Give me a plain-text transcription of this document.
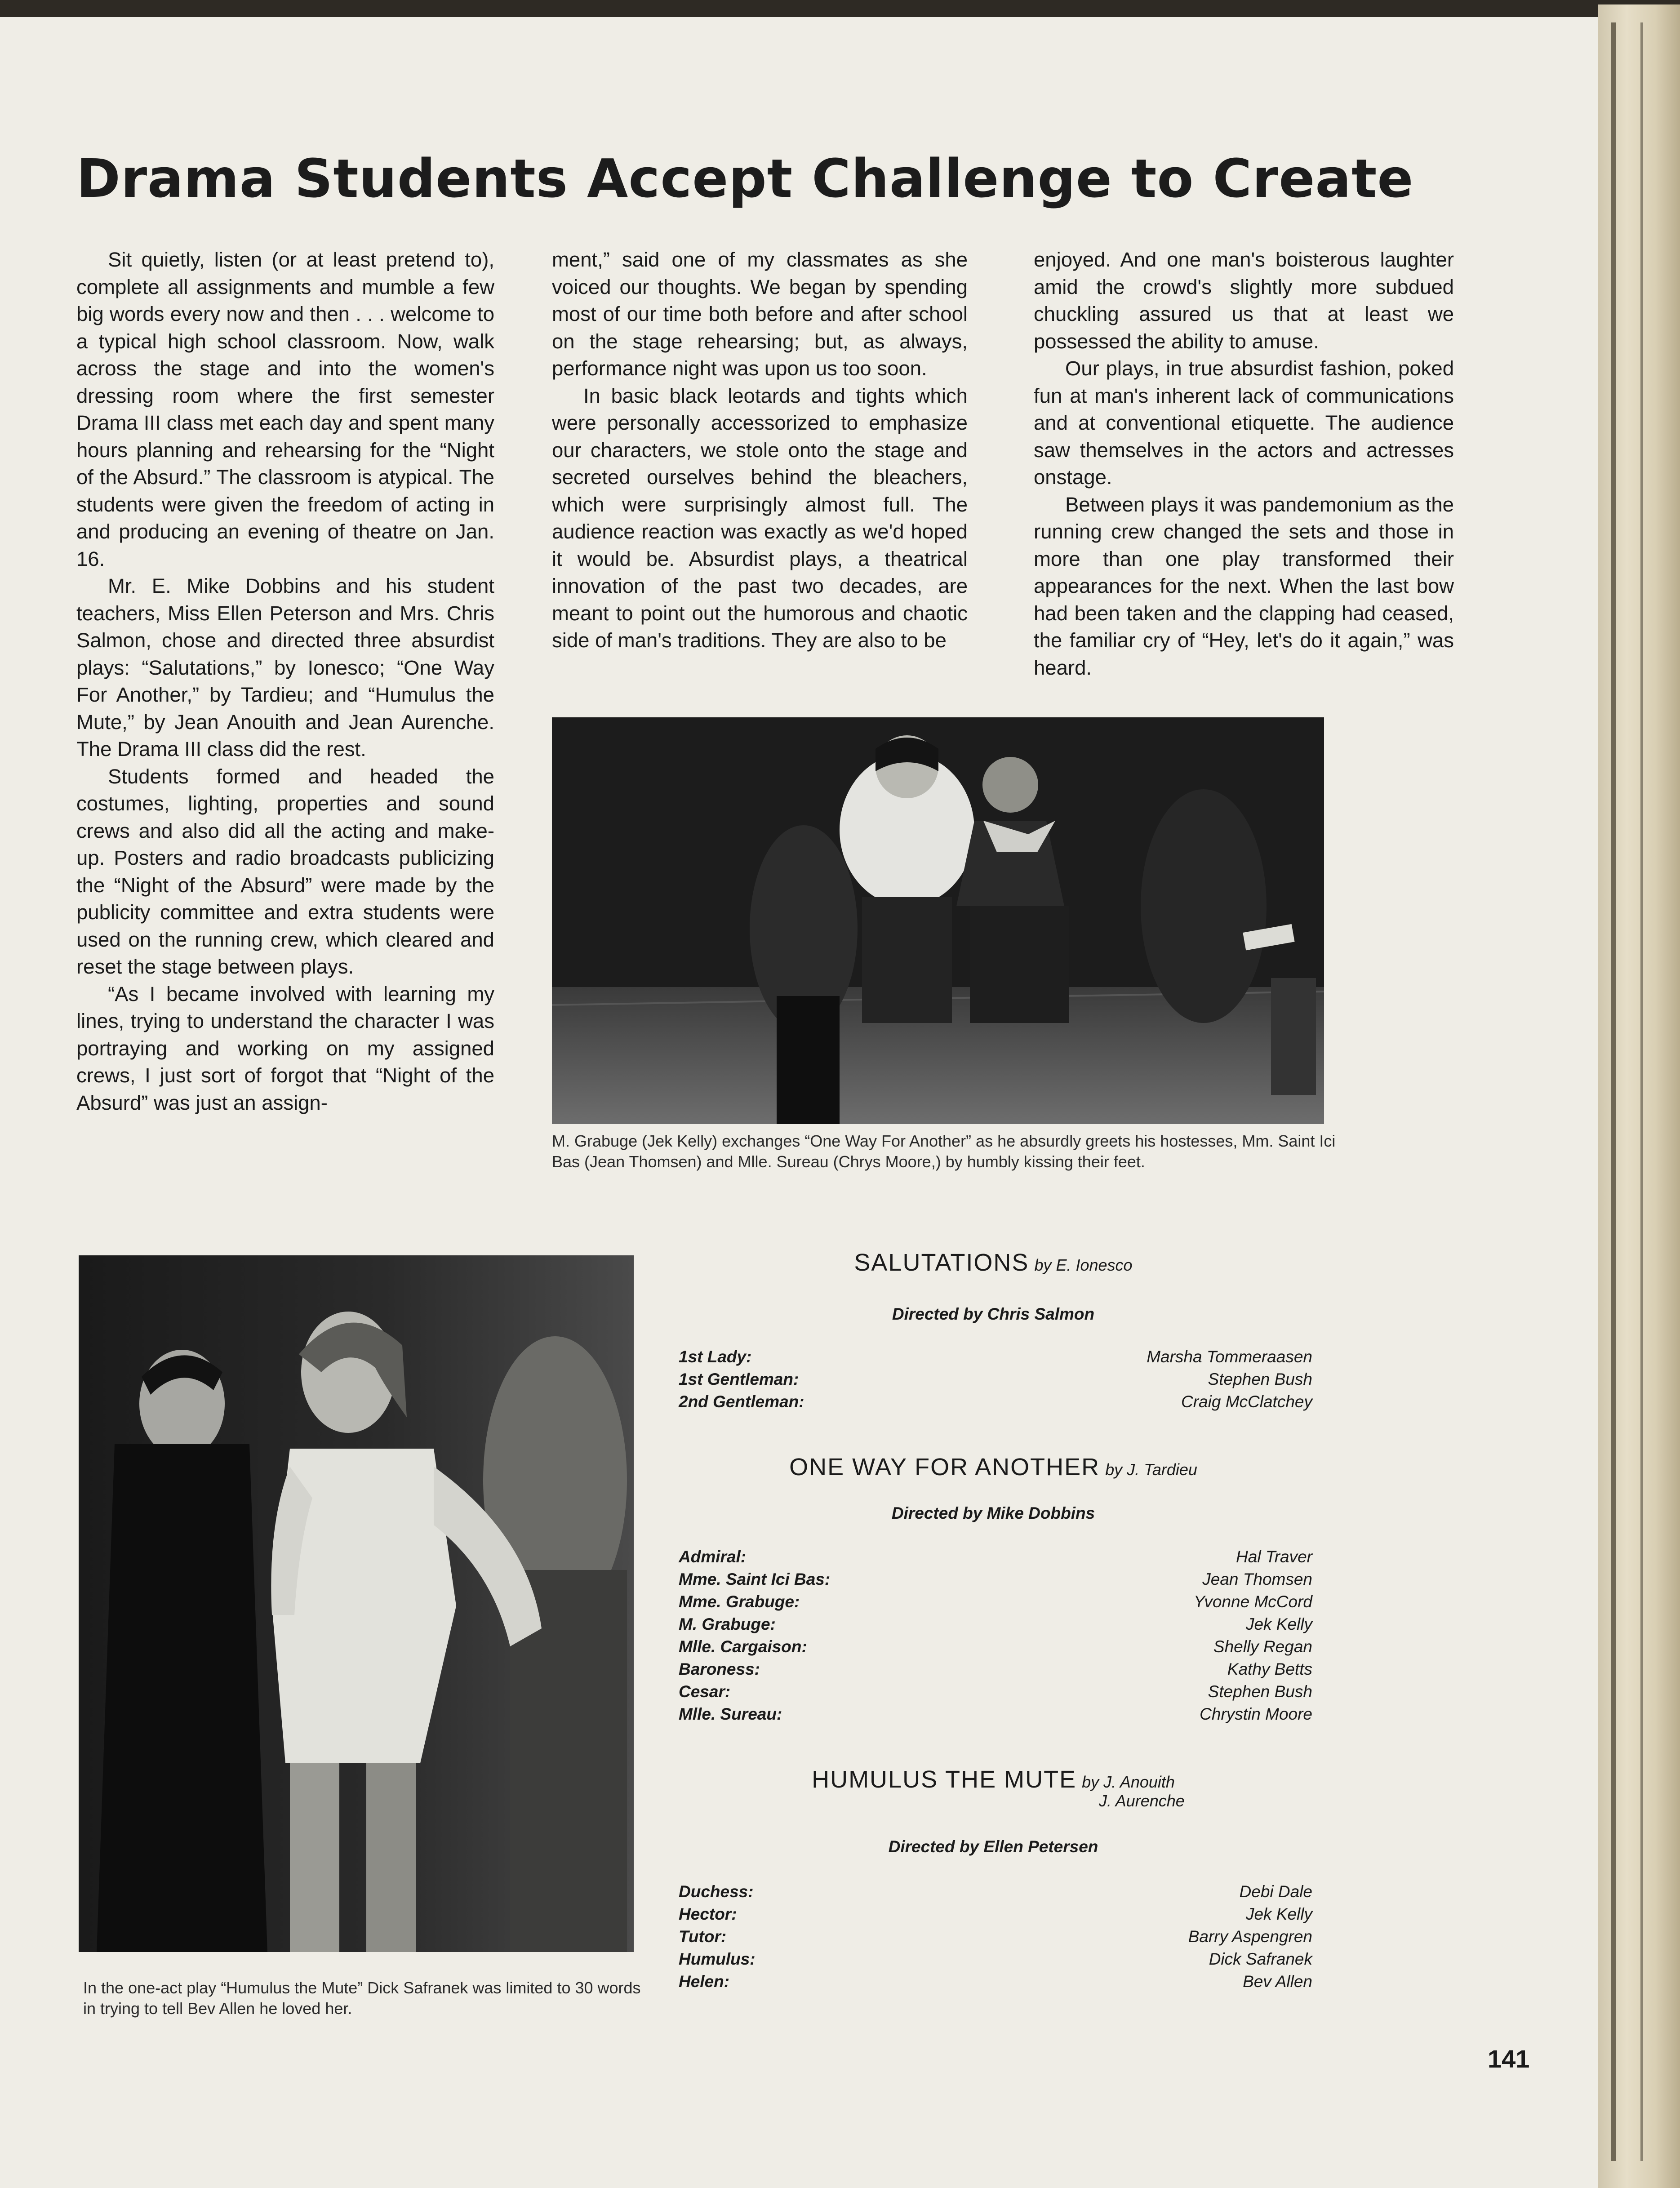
Drama Students Accept Challenge to Create

Sit quietly, listen (or at least pretend to), complete all assignments and mumble a few big words every now and then . . . welcome to a typical high school classroom. Now, walk across the stage and into the women's dressing room where the first semester Drama III class met each day and spent many hours planning and rehearsing for the “Night of the Absurd.” The classroom is atypical. The students were given the freedom of acting in and producing an evening of theatre on Jan. 16.

Mr. E. Mike Dobbins and his student teachers, Miss Ellen Peterson and Mrs. Chris Salmon, chose and directed three absurdist plays: “Salutations,” by Ionesco; “One Way For Another,” by Tardieu; and “Humulus the Mute,” by Jean Anouith and Jean Aurenche. The Drama III class did the rest.

Students formed and headed the costumes, lighting, properties and sound crews and also did all the acting and make-up. Posters and radio broadcasts publicizing the “Night of the Absurd” were made by the publicity committee and extra students were used on the running crew, which cleared and reset the stage between plays.

“As I became involved with learning my lines, trying to understand the character I was portraying and working on my assigned crews, I just sort of forgot that “Night of the Absurd” was just an assign-

ment,” said one of my classmates as she voiced our thoughts. We began by spending most of our time both before and after school on the stage rehearsing; but, as always, performance night was upon us too soon.

In basic black leotards and tights which were personally accessorized to emphasize our characters, we stole onto the stage and secreted ourselves behind the bleachers, which were surprisingly almost full. The audience reaction was exactly as we'd hoped it would be. Absurdist plays, a theatrical innovation of the past two decades, are meant to point out the humorous and chaotic side of man's traditions. They are also to be

enjoyed. And one man's boisterous laughter amid the crowd's slightly more subdued chuckling assured us that at least we possessed the ability to amuse.

Our plays, in true absurdist fashion, poked fun at man's inherent lack of communications and at conventional etiquette. The audience saw themselves in the actors and actresses onstage.

Between plays it was pandemonium as the running crew changed the sets and those in more than one play transformed their appearances for the next. When the last bow had been taken and the clapping had ceased, the familiar cry of “Hey, let's do it again,” was heard.

M. Grabuge (Jek Kelly) exchanges “One Way For Another” as he absurdly greets his hostesses, Mm. Saint Ici Bas (Jean Thomsen) and Mlle. Sureau (Chrys Moore,) by humbly kissing their feet.
In the one-act play “Humulus the Mute” Dick Safranek was limited to 30 words in trying to tell Bev Allen he loved her.
SALUTATIONS by E. Ionesco
Directed by Chris Salmon
1st Lady:	Marsha Tommeraasen
1st Gentleman:	Stephen Bush
2nd Gentleman:	Craig McClatchey
ONE WAY FOR ANOTHER by J. Tardieu
Directed by Mike Dobbins
Admiral:	Hal Traver
Mme. Saint Ici Bas:	Jean Thomsen
Mme. Grabuge:	Yvonne McCord
M. Grabuge:	Jek Kelly
Mlle. Cargaison:	Shelly Regan
Baroness:	Kathy Betts
Cesar:	Stephen Bush
Mlle. Sureau:	Chrystin Moore
HUMULUS THE MUTE by J. Anouith
J. Aurenche
Directed by Ellen Petersen
Duchess:	Debi Dale
Hector:	Jek Kelly
Tutor:	Barry Aspengren
Humulus:	Dick Safranek
Helen:	Bev Allen
141
